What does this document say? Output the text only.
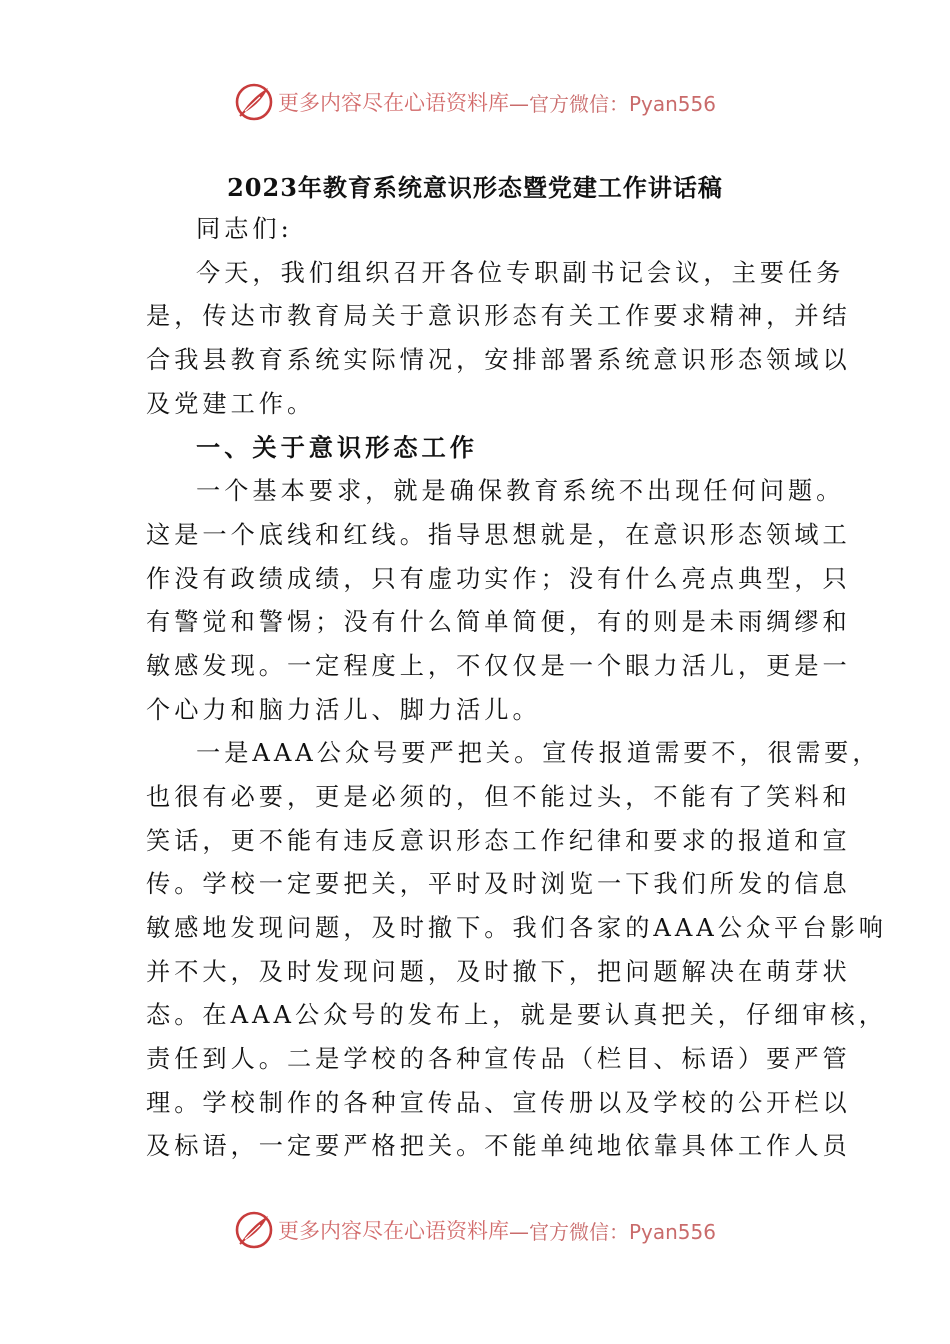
更多内容尽在心语资料库 —官方微信：Pyan556
2023年教育系统意识形态暨党建工作讲话稿
同志们:
今天，我们组织召开各位专职副书记会议，主要任务
是，传达市教育局关于意识形态有关工作要求精神，并结
合我县教育系统实际情况，安排部署系统意识形态领域以
及党建工作。
一、关于意识形态工作
一个基本要求，就是确保教育系统不出现任何问题。
这是一个底线和红线。指导思想就是，在意识形态领域工
作没有政绩成绩，只有虚功实作；没有什么亮点典型，只
有警觉和警惕；没有什么简单简便，有的则是未雨绸缪和
敏感发现。一定程度上，不仅仅是一个眼力活儿，更是一
个心力和脑力活儿、脚力活儿。
一是AAA公众号要严把关。宣传报道需要不，很需要，
也很有必要，更是必须的，但不能过头，不能有了笑料和
笑话，更不能有违反意识形态工作纪律和要求的报道和宣
传。学校一定要把关，平时及时浏览一下我们所发的信息
敏感地发现问题，及时撤下。我们各家的AAA公众平台影响
并不大，及时发现问题，及时撤下，把问题解决在萌芽状
态。在AAA公众号的发布上，就是要认真把关，仔细审核，
责任到人。二是学校的各种宣传品（栏目、标语）要严管
理。学校制作的各种宣传品、宣传册以及学校的公开栏以
及标语，一定要严格把关。不能单纯地依靠具体工作人员
更多内容尽在心语资料库 —官方微信：Pyan556
